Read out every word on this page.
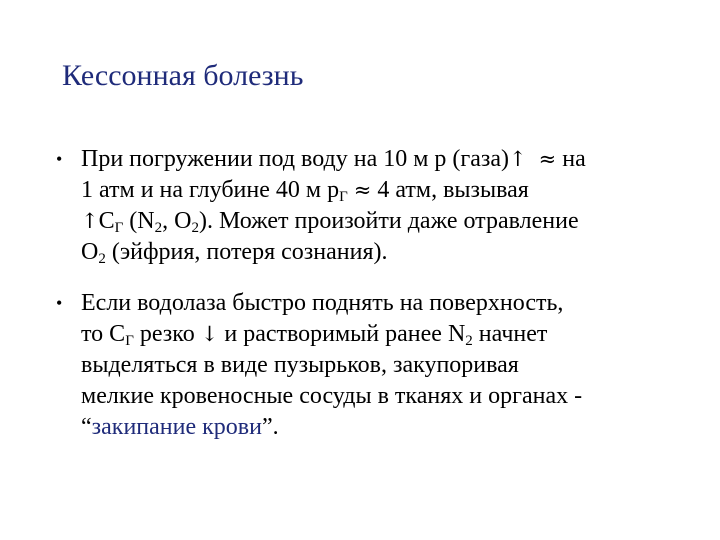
Кессонная болезнь
• При погружении под воду на 10 м p (газа)↑ ≈ на
1 атм и на глубине 40 м $p_Г \approx 4$ атм, вызывая
$↑C_Г$ ($N_2$, $O_2$). Может произойти даже отравление
$O_2$ (эйфрия, потеря сознания).
• Если водолаза быстро поднять на поверхность,
то $C_Г$ резко ↓ и растворимый ранее $N_2$ начнет
выделяться в виде пузырьков, закупоривая
мелкие кровеносные сосуды в тканях и органах -
“закипание крови”.
